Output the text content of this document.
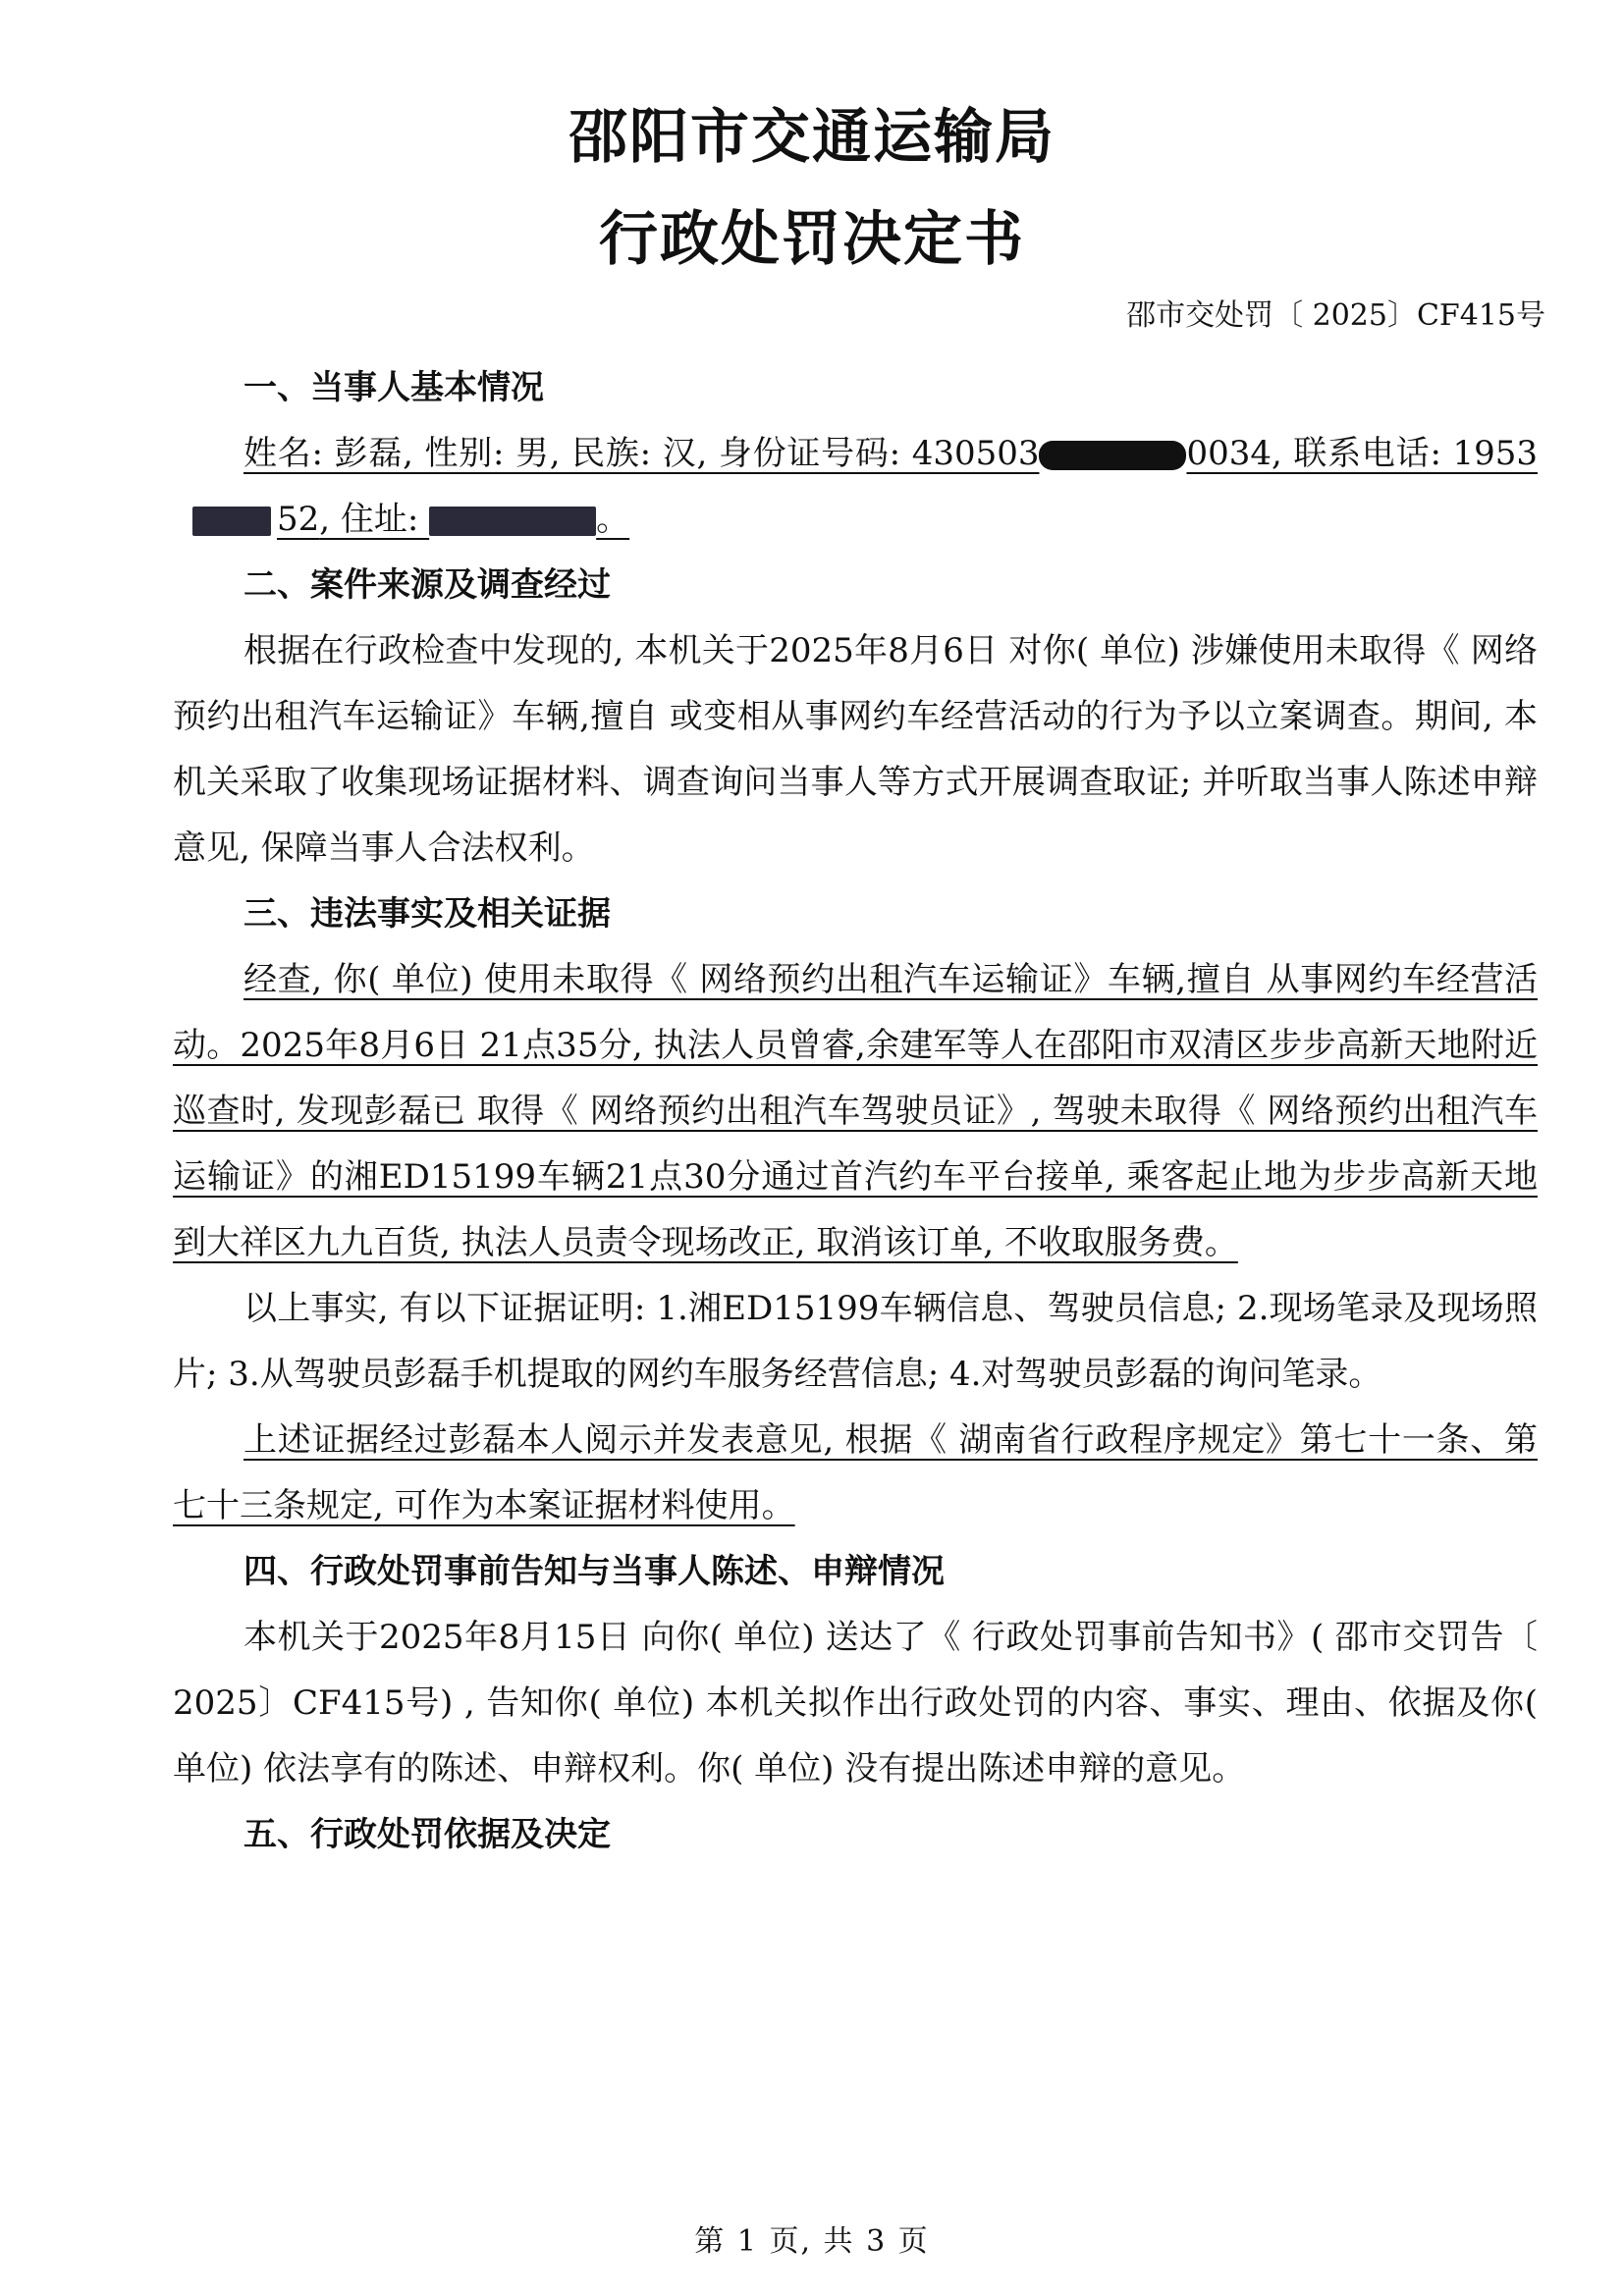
邵阳市交通运输局
行政处罚决定书
邵市交处罚〔 2025〕CF415号
一、当事人基本情况
姓名: 彭磊, 性别: 男, 民族: 汉, 身份证号码: 430503	0034, 联系电话: 195352, 住址:	。
二、案件来源及调查经过
根据在行政检查中发现的, 本机关于2025年8月6日 对你( 单位) 涉嫌使用未取得《 网络预约出租汽车运输证》车辆,擅自 或变相从事网约车经营活动的行为予以立案调查。期间, 本机关采取了收集现场证据材料、调查询问当事人等方式开展调查取证; 并听取当事人陈述申辩意见, 保障当事人合法权利。
三、违法事实及相关证据
经查, 你( 单位) 使用未取得《 网络预约出租汽车运输证》车辆,擅自 从事网约车经营活动。2025年8月6日 21点35分, 执法人员曾睿,余建军等人在邵阳市双清区步步高新天地附近巡查时, 发现彭磊已 取得《 网络预约出租汽车驾驶员证》, 驾驶未取得《 网络预约出租汽车运输证》的湘ED15199车辆21点30分通过首汽约车平台接单, 乘客起止地为步步高新天地到大祥区九九百货, 执法人员责令现场改正, 取消该订单, 不收取服务费。
以上事实, 有以下证据证明: 1.湘ED15199车辆信息、驾驶员信息; 2.现场笔录及现场照片; 3.从驾驶员彭磊手机提取的网约车服务经营信息; 4.对驾驶员彭磊的询问笔录。
上述证据经过彭磊本人阅示并发表意见, 根据《 湖南省行政程序规定》第七十一条、第七十三条规定, 可作为本案证据材料使用。
四、行政处罚事前告知与当事人陈述、申辩情况
本机关于2025年8月15日 向你( 单位) 送达了《 行政处罚事前告知书》( 邵市交罚告〔 2025〕CF415号) , 告知你( 单位) 本机关拟作出行政处罚的内容、事实、理由、依据及你( 单位) 依法享有的陈述、申辩权利。你( 单位) 没有提出陈述申辩的意见。
五、行政处罚依据及决定
第 1 页, 共 3 页
